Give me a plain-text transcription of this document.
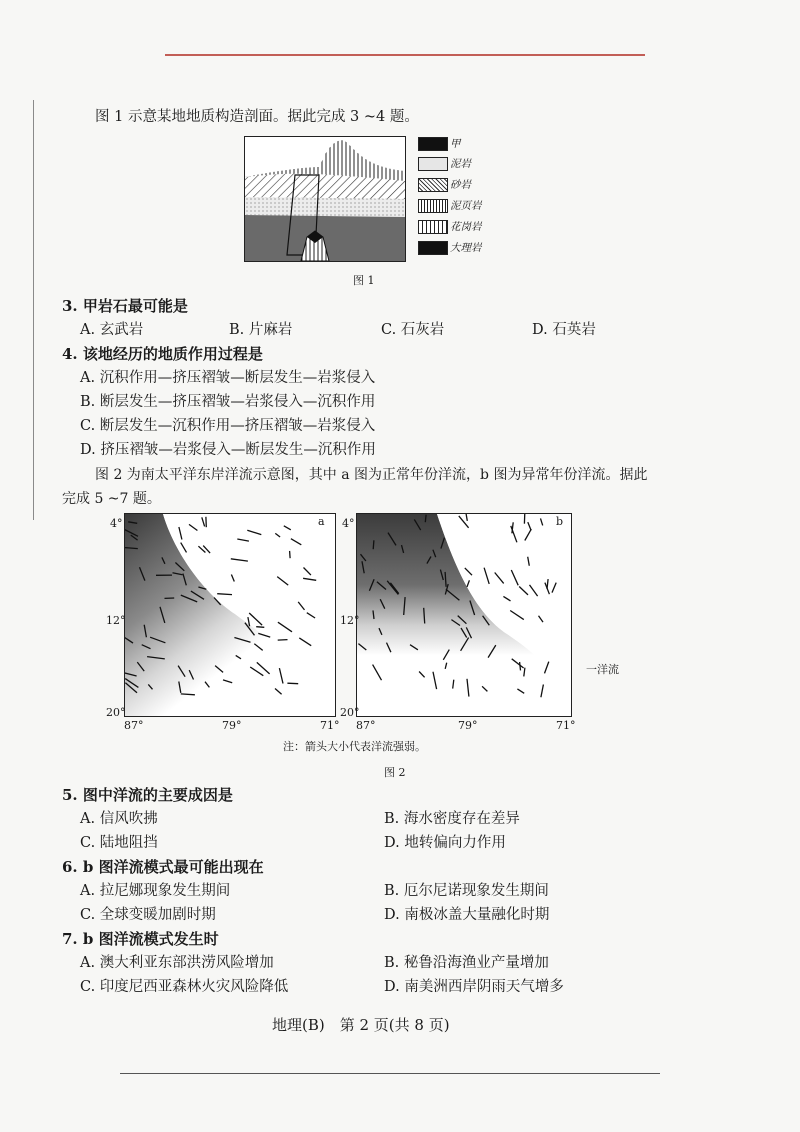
图 1 示意某地地质构造剖面。据此完成 3 ~4 题。
甲
泥岩
砂岩
泥页岩
花岗岩
大理岩
图 1
3. 甲岩石最可能是
A. 玄武岩	B. 片麻岩	C. 石灰岩	D. 石英岩
4. 该地经历的地质作用过程是
A. 沉积作用—挤压褶皱—断层发生—岩浆侵入
B. 断层发生—挤压褶皱—岩浆侵入—沉积作用
C. 断层发生—沉积作用—挤压褶皱—岩浆侵入
D. 挤压褶皱—岩浆侵入—断层发生—沉积作用
图 2 为南太平洋东岸洋流示意图，其中 a 图为正常年份洋流，b 图为异常年份洋流。据此
完成 5 ~7 题。
a	b
4°
12°
20°
87°	79°	71°
4°
12°
20°
87°	79°	71°
一洋流
注：箭头大小代表洋流强弱。
图 2
5. 图中洋流的主要成因是
A. 信风吹拂	B. 海水密度存在差异
C. 陆地阻挡	D. 地转偏向力作用
6. b 图洋流模式最可能出现在
A. 拉尼娜现象发生期间	B. 厄尔尼诺现象发生期间
C. 全球变暖加剧时期	D. 南极冰盖大量融化时期
7. b 图洋流模式发生时
A. 澳大利亚东部洪涝风险增加	B. 秘鲁沿海渔业产量增加
C. 印度尼西亚森林火灾风险降低	D. 南美洲西岸阴雨天气增多
地理(B)　第 2 页(共 8 页)
